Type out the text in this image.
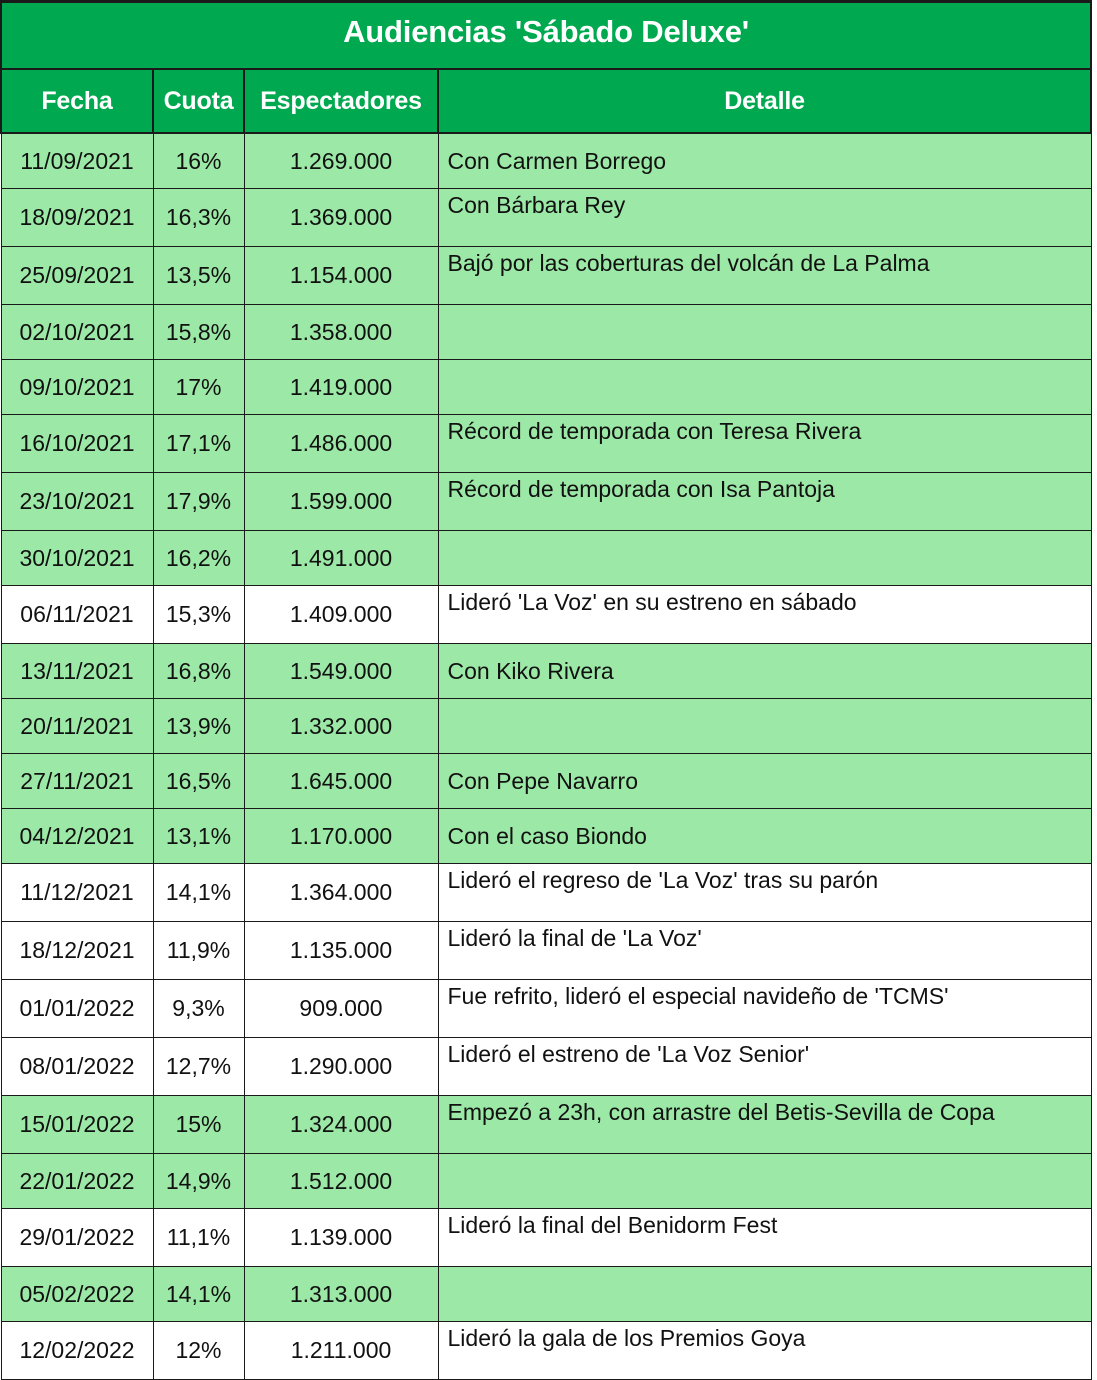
Audiencias 'Sábado Deluxe'			
Fecha	Cuota	Espectadores	Detalle
11/09/2021	16%	1.269.000	Con Carmen Borrego
18/09/2021	16,3%	1.369.000	Con Bárbara Rey
25/09/2021	13,5%	1.154.000	Bajó por las coberturas del volcán de La Palma
02/10/2021	15,8%	1.358.000	
09/10/2021	17%	1.419.000	
16/10/2021	17,1%	1.486.000	Récord de temporada con Teresa Rivera
23/10/2021	17,9%	1.599.000	Récord de temporada con Isa Pantoja
30/10/2021	16,2%	1.491.000	
06/11/2021	15,3%	1.409.000	Lideró 'La Voz' en su estreno en sábado
13/11/2021	16,8%	1.549.000	Con Kiko Rivera
20/11/2021	13,9%	1.332.000	
27/11/2021	16,5%	1.645.000	Con Pepe Navarro
04/12/2021	13,1%	1.170.000	Con el caso Biondo
11/12/2021	14,1%	1.364.000	Lideró el regreso de 'La Voz' tras su parón
18/12/2021	11,9%	1.135.000	Lideró la final de 'La Voz'
01/01/2022	9,3%	909.000	Fue refrito, lideró el especial navideño de 'TCMS'
08/01/2022	12,7%	1.290.000	Lideró el estreno de 'La Voz Senior'
15/01/2022	15%	1.324.000	Empezó a 23h, con arrastre del Betis-Sevilla de Copa
22/01/2022	14,9%	1.512.000	
29/01/2022	11,1%	1.139.000	Lideró la final del Benidorm Fest
05/02/2022	14,1%	1.313.000	
12/02/2022	12%	1.211.000	Lideró la gala de los Premios Goya
